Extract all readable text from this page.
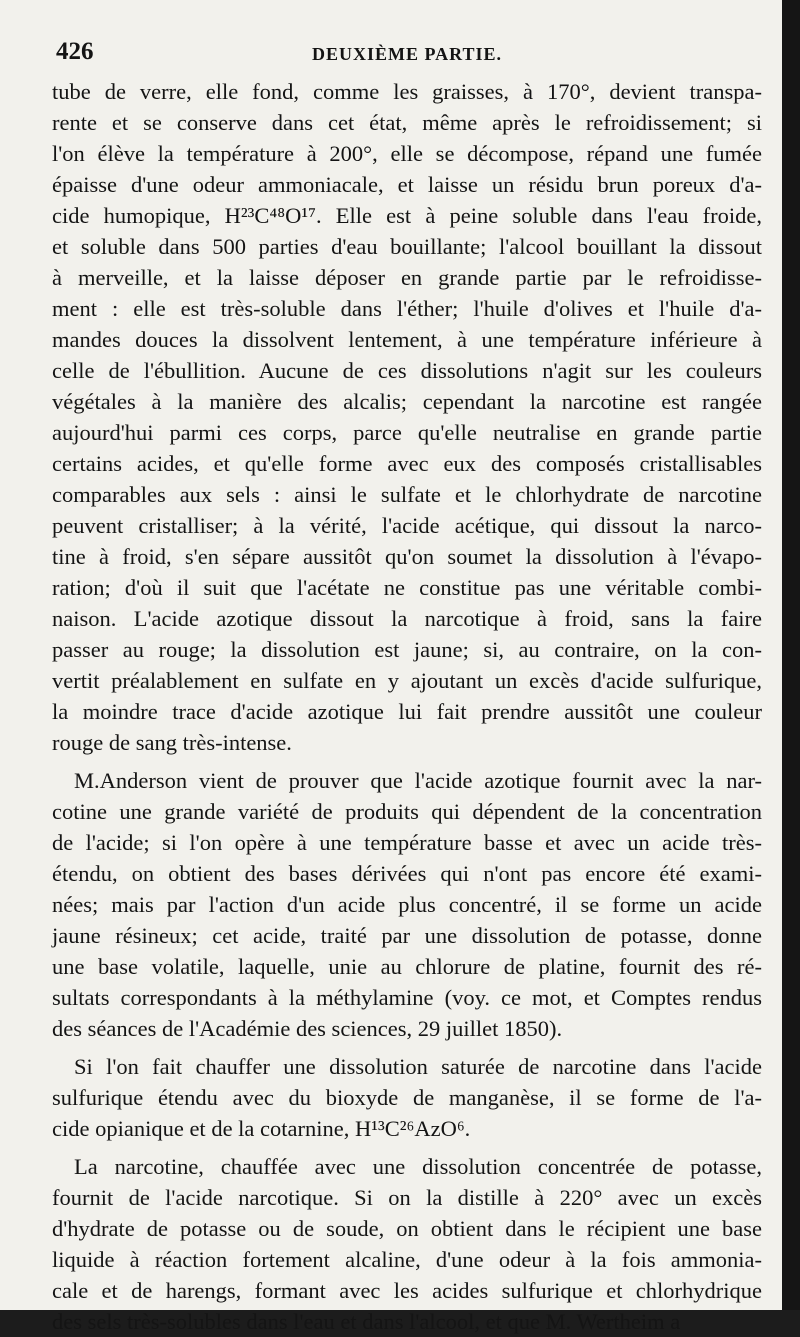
426	DEUXIÈME PARTIE.
tube de verre, elle fond, comme les graisses, à 170°, devient transpa-
rente et se conserve dans cet état, même après le refroidissement; si
l'on élève la température à 200°, elle se décompose, répand une fumée
épaisse d'une odeur ammoniacale, et laisse un résidu brun poreux d'a-
cide humopique, H²³C⁴⁸O¹⁷. Elle est à peine soluble dans l'eau froide,
et soluble dans 500 parties d'eau bouillante; l'alcool bouillant la dissout
à merveille, et la laisse déposer en grande partie par le refroidisse-
ment : elle est très-soluble dans l'éther; l'huile d'olives et l'huile d'a-
mandes douces la dissolvent lentement, à une température inférieure à
celle de l'ébullition. Aucune de ces dissolutions n'agit sur les couleurs
végétales à la manière des alcalis; cependant la narcotine est rangée
aujourd'hui parmi ces corps, parce qu'elle neutralise en grande partie
certains acides, et qu'elle forme avec eux des composés cristallisables
comparables aux sels : ainsi le sulfate et le chlorhydrate de narcotine
peuvent cristalliser; à la vérité, l'acide acétique, qui dissout la narco-
tine à froid, s'en sépare aussitôt qu'on soumet la dissolution à l'évapo-
ration; d'où il suit que l'acétate ne constitue pas une véritable combi-
naison. L'acide azotique dissout la narcotique à froid, sans la faire
passer au rouge; la dissolution est jaune; si, au contraire, on la con-
vertit préalablement en sulfate en y ajoutant un excès d'acide sulfurique,
la moindre trace d'acide azotique lui fait prendre aussitôt une couleur
rouge de sang très-intense.
M.Anderson vient de prouver que l'acide azotique fournit avec la nar-
cotine une grande variété de produits qui dépendent de la concentration
de l'acide; si l'on opère à une température basse et avec un acide très-
étendu, on obtient des bases dérivées qui n'ont pas encore été exami-
nées; mais par l'action d'un acide plus concentré, il se forme un acide
jaune résineux; cet acide, traité par une dissolution de potasse, donne
une base volatile, laquelle, unie au chlorure de platine, fournit des ré-
sultats correspondants à la méthylamine (voy. ce mot, et Comptes rendus
des séances de l'Académie des sciences, 29 juillet 1850).
Si l'on fait chauffer une dissolution saturée de narcotine dans l'acide
sulfurique étendu avec du bioxyde de manganèse, il se forme de l'a-
cide opianique et de la cotarnine, H¹³C²⁶AzO⁶.
La narcotine, chauffée avec une dissolution concentrée de potasse,
fournit de l'acide narcotique. Si on la distille à 220° avec un excès
d'hydrate de potasse ou de soude, on obtient dans le récipient une base
liquide à réaction fortement alcaline, d'une odeur à la fois ammonia-
cale et de harengs, formant avec les acides sulfurique et chlorhydrique
des sels très-solubles dans l'eau et dans l'alcool, et que M. Wertheim a
